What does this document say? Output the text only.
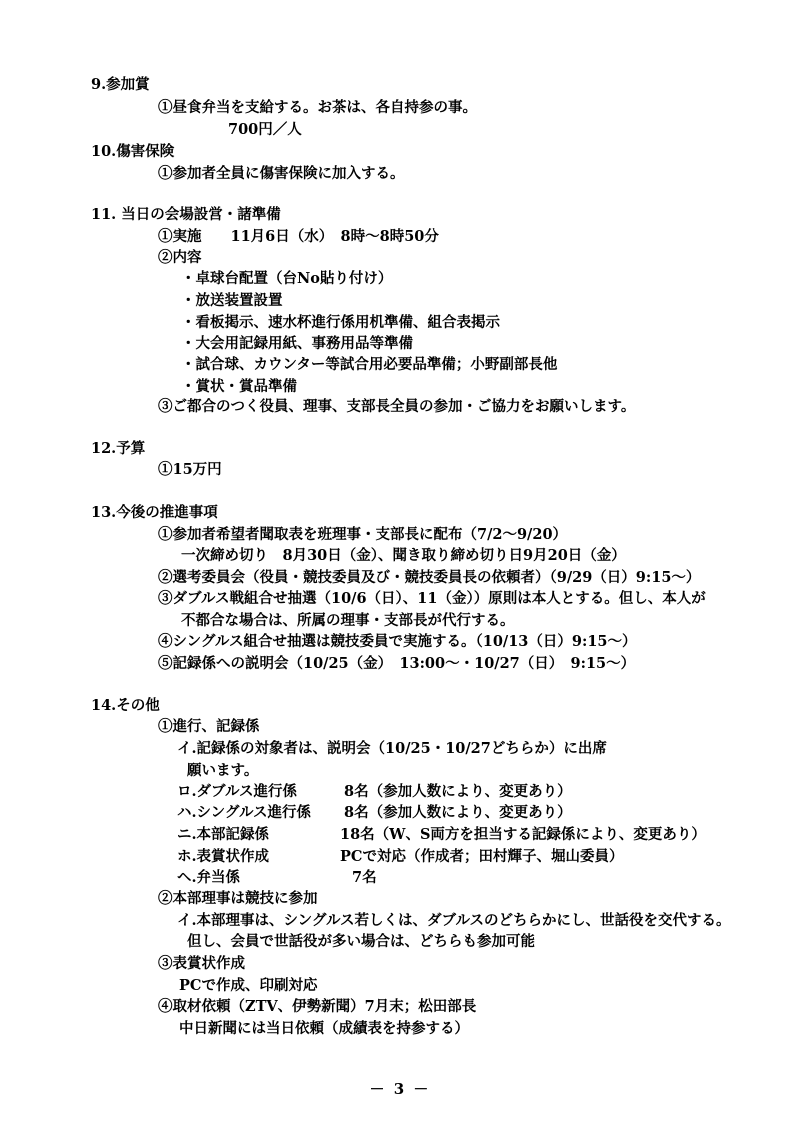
9.参加賞
①昼食弁当を支給する。お茶は、各自持参の事。
700円／人
10.傷害保険
①参加者全員に傷害保険に加入する。
11. 当日の会場設営・諸準備
①実施　　11月6日（水）　8時～8時50分
②内容
・卓球台配置（台No貼り付け）
・放送装置設置
・看板掲示、速水杯進行係用机準備、組合表掲示
・大会用記録用紙、事務用品等準備
・試合球、カウンター等試合用必要品準備；小野副部長他
・賞状・賞品準備
③ご都合のつく役員、理事、支部長全員の参加・ご協力をお願いします。
12.予算
①15万円
13.今後の推進事項
①参加者希望者聞取表を班理事・支部長に配布（7/2～9/20）
一次締め切り　8月30日（金）、聞き取り締め切り日9月20日（金）
②選考委員会（役員・競技委員及び・競技委員長の依頼者）（9/29（日）9:15～）
③ダブルス戦組合せ抽選（10/6（日）、11（金））原則は本人とする。但し、本人が
不都合な場合は、所属の理事・支部長が代行する。
④シングルス組合せ抽選は競技委員で実施する。（10/13（日）9:15～）
⑤記録係への説明会（10/25（金）　13:00～・10/27（日）　9:15～）
14.その他
①進行、記録係
イ.記録係の対象者は、説明会（10/25・10/27どちらか）に出席
願います。
ロ.ダブルス進行係	8名（参加人数により、変更あり）
ハ.シングルス進行係 8名（参加人数により、変更あり）
ニ.本部記録係	18名（W、S両方を担当する記録係により、変更あり）
ホ.表賞状作成	PCで対応（作成者；田村輝子、堀山委員）
ヘ.弁当係	7名
②本部理事は競技に参加
イ.本部理事は、シングルス若しくは、ダブルスのどちらかにし、世話役を交代する。
但し、会員で世話役が多い場合は、どちらも参加可能
③表賞状作成
PCで作成、印刷対応
④取材依頼（ZTV、伊勢新聞）7月末；松田部長
中日新聞には当日依頼（成績表を持参する）
－ 3 －
